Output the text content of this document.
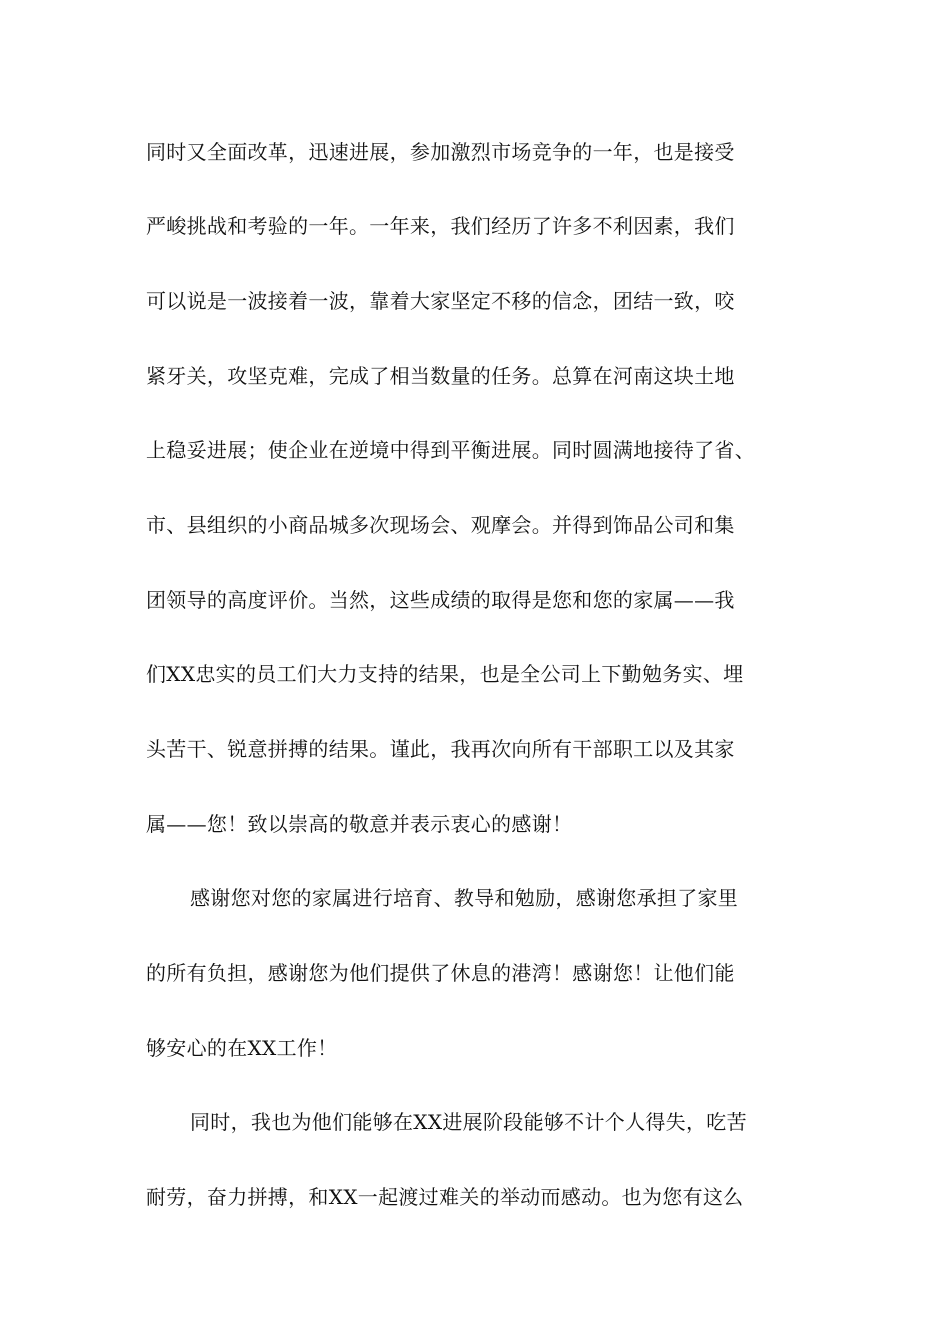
同时又全面改革，迅速进展，参加激烈市场竞争的一年，也是接受
严峻挑战和考验的一年。一年来，我们经历了许多不利因素，我们
可以说是一波接着一波，靠着大家坚定不移的信念，团结一致，咬
紧牙关，攻坚克难，完成了相当数量的任务。总算在河南这块土地
上稳妥进展；使企业在逆境中得到平衡进展。同时圆满地接待了省、
市、县组织的小商品城多次现场会、观摩会。并得到饰品公司和集
团领导的高度评价。当然，这些成绩的取得是您和您的家属——我
们XX忠实的员工们大力支持的结果，也是全公司上下勤勉务实、埋
头苦干、锐意拼搏的结果。谨此，我再次向所有干部职工以及其家
属——您！致以崇高的敬意并表示衷心的感谢！
感谢您对您的家属进行培育、教导和勉励，感谢您承担了家里
的所有负担，感谢您为他们提供了休息的港湾！感谢您！让他们能
够安心的在XX工作！
同时，我也为他们能够在XX进展阶段能够不计个人得失，吃苦
耐劳，奋力拼搏，和XX一起渡过难关的举动而感动。也为您有这么
